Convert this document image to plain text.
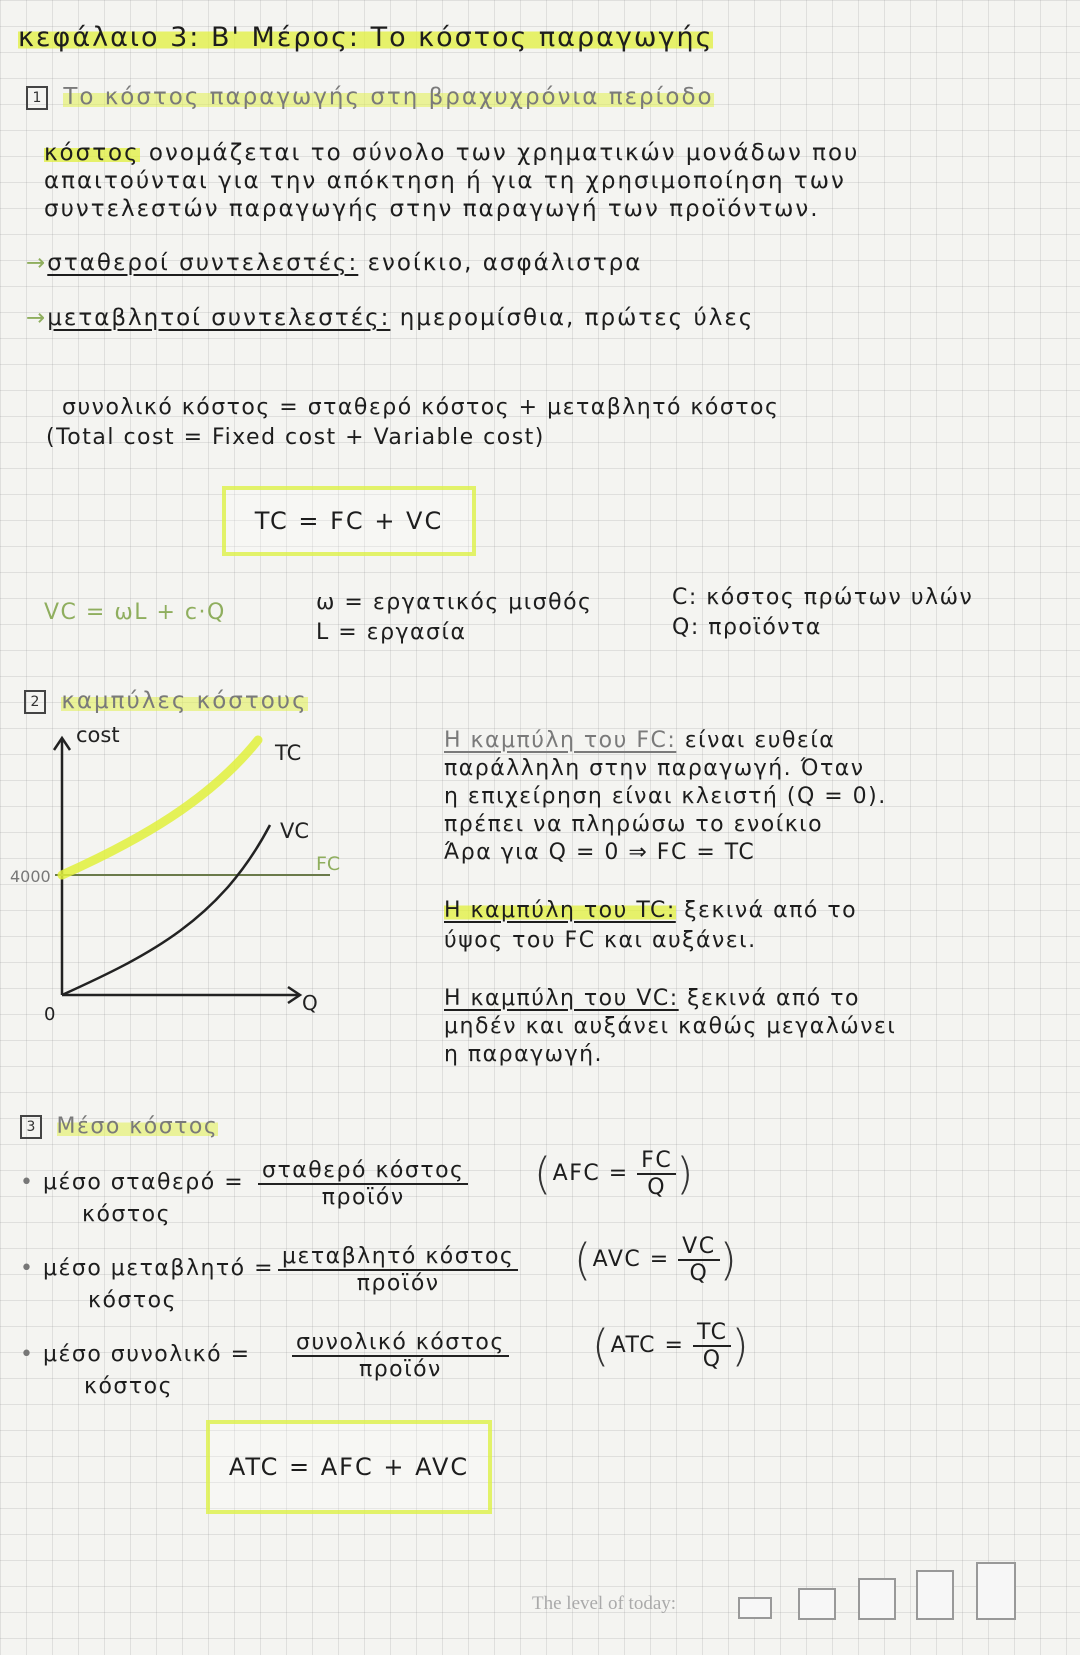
κεφάλαιο 3: Β' Μέρος: Το κόστος παραγωγής
1 Το κόστος παραγωγής στη βραχυχρόνια περίοδο
κόστος ονομάζεται το σύνολο των χρηματικών μονάδων που
απαιτούνται για την απόκτηση ή για τη χρησιμοποίηση των
συντελεστών παραγωγής στην παραγωγή των προϊόντων.
→σταθεροί συντελεστές: ενοίκιο, ασφάλιστρα
→μεταβλητοί συντελεστές: ημερομίσθια, πρώτες ύλες
συνολικό κόστος = σταθερό κόστος + μεταβλητό κόστος
(Total cost = Fixed cost + Variable cost)
TC = FC + VC
VC = ωL + c·Q	ω = εργατικός μισθός
L = εργασία
C: κόστος πρώτων υλών
Q: προϊόντα
2 καμπύλες κόστους
cost
Q
0
4000
TC
VC
FC
Η καμπύλη του FC: είναι ευθεία
παράλληλη στην παραγωγή. Όταν
η επιχείρηση είναι κλειστή (Q = 0).
πρέπει να πληρώσω το ενοίκιο
Άρα για Q = 0 ⇒ FC = TC
Η καμπύλη του TC: ξεκινά από το
ύψος του FC και αυξάνει.
Η καμπύλη του VC: ξεκινά από το
μηδέν και αυξάνει καθώς μεγαλώνει
η παραγωγή.
3 Μέσο κόστος
• μέσο σταθερό =
κόστος
$\frac{\text{σταθερό κόστος}}{\text{προϊόν}} (AFC = \frac{FC}{Q}$ )
• μέσο μεταβλητό =
κόστος
$\frac{\text{μεταβλητό κόστος}}{\text{προϊόν}} (AVC = \frac{VC}{Q}$ )
• μέσο συνολικό =
κόστος
$\frac{\text{συνολικό κόστος}}{\text{προϊόν}} (ATC = \frac{TC}{Q}$ )
ATC = AFC + AVC
The level of today:
